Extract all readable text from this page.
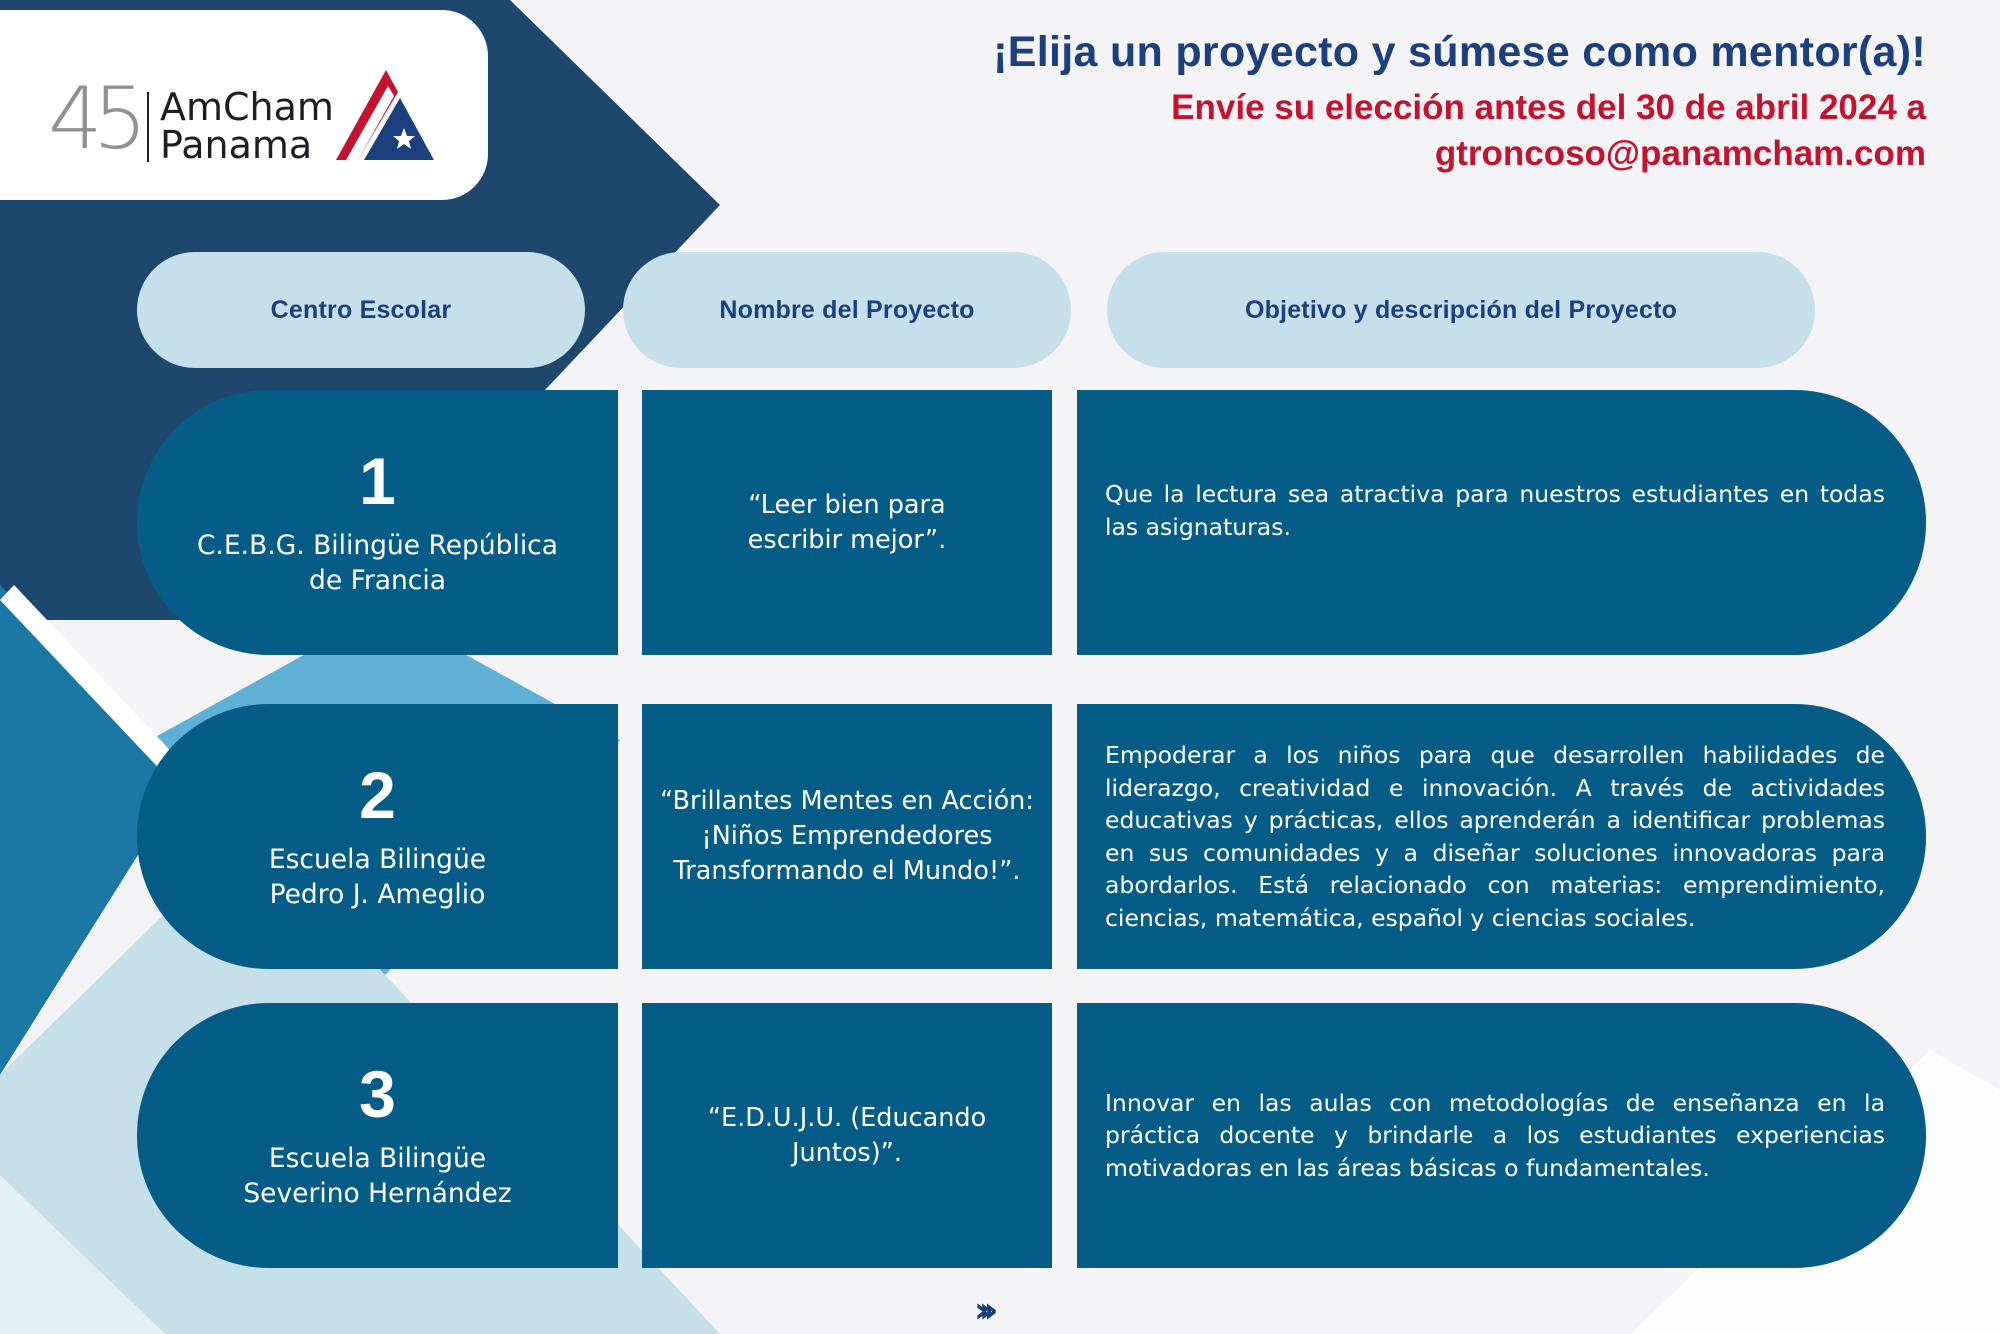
45 AmCham
Panama
¡Elija un proyecto y súmese como mentor(a)!
Envíe su elección antes del 30 de abril 2024 a
gtroncoso@panamcham.com
Centro Escolar	Nombre del Proyecto	Objetivo y descripción del Proyecto
1
C.E.B.G. Bilingüe República
de Francia
“Leer bien para
escribir mejor”.
Que la lectura sea atractiva para nuestros estudiantes en todas las asignaturas.
2
Escuela Bilingüe
Pedro J. Ameglio
“Brillantes Mentes en Acción:
¡Niños Emprendedores
Transformando el Mundo!”.
Empoderar a los niños para que desarrollen habilidades de liderazgo, creatividad e innovación. A través de actividades educativas y prácticas, ellos aprenderán a identificar problemas en sus comunidades y a diseñar soluciones innovadoras para abordarlos. Está relacionado con materias: emprendimiento, ciencias, matemática, español y ciencias sociales.
3
Escuela Bilingüe
Severino Hernández
“E.D.U.J.U. (Educando
Juntos)”.
Innovar en las aulas con metodologías de enseñanza en la práctica docente y brindarle a los estudiantes experiencias motivadoras en las áreas básicas o fundamentales.
›››
